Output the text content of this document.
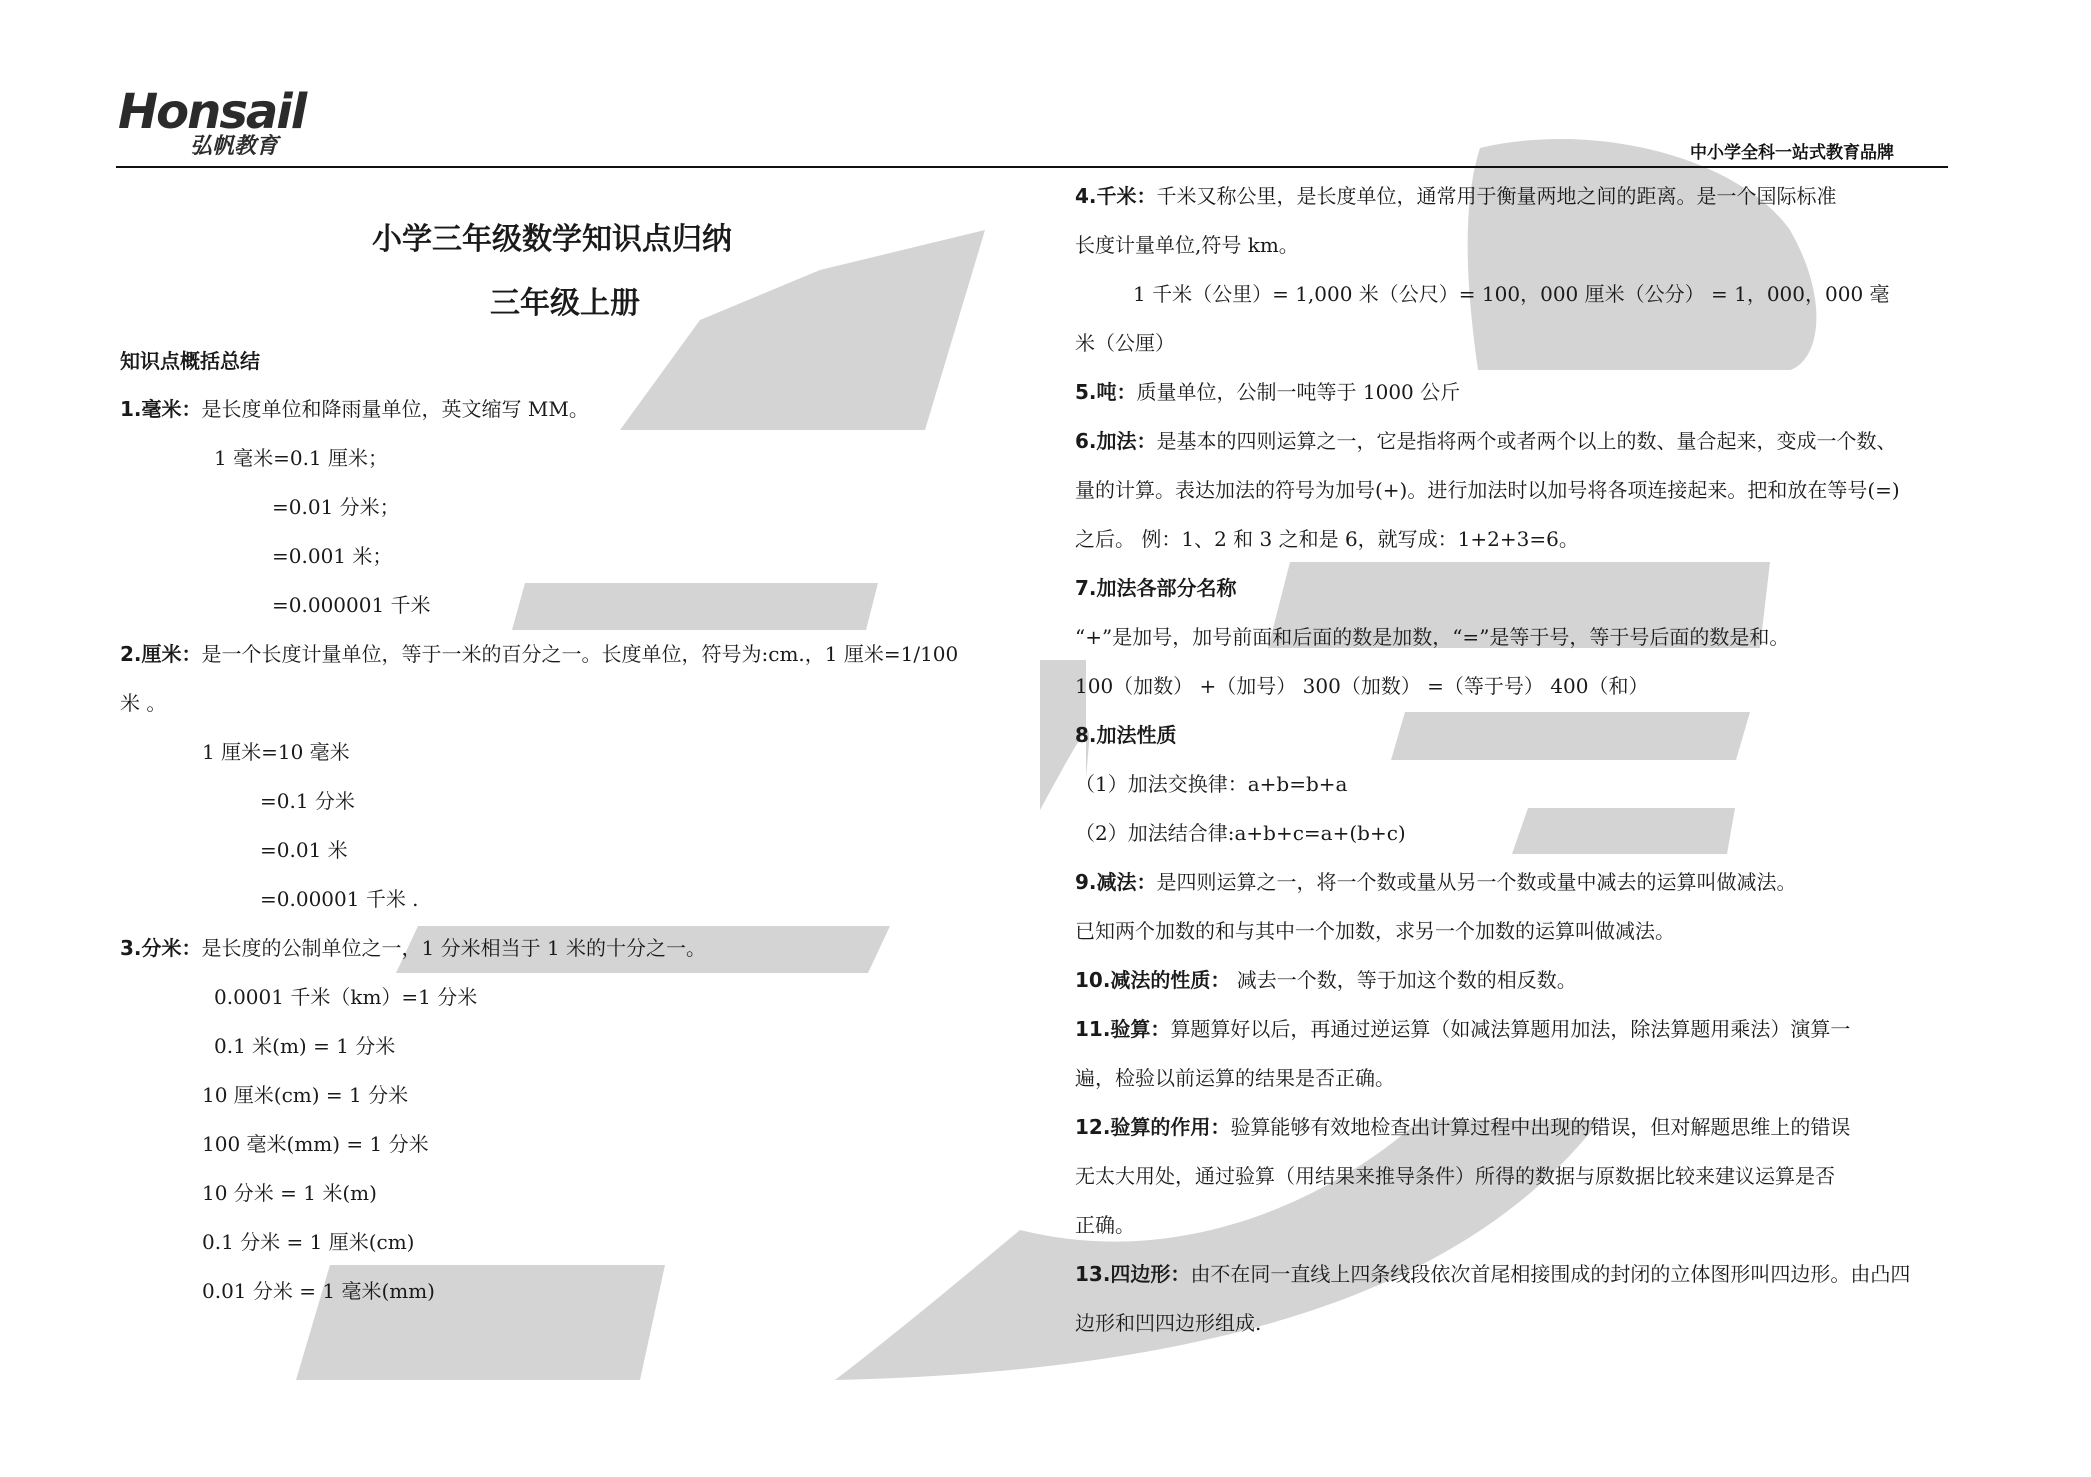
Honsail
弘帆教育	中小学全科一站式教育品牌
小学三年级数学知识点归纳
三年级上册
知识点概括总结
1.毫米：是长度单位和降雨量单位，英文缩写 MM。
1 毫米=0.1 厘米；
=0.01 分米；
=0.001 米；
=0.000001 千米
2.厘米：是一个长度计量单位，等于一米的百分之一。长度单位，符号为:cm.，1 厘米=1/100
米 。
1 厘米=10 毫米
=0.1 分米
=0.01 米
=0.00001 千米 .
3.分米：是长度的公制单位之一，1 分米相当于 1 米的十分之一。
0.0001 千米（km）=1 分米
0.1 米(m) = 1 分米
10 厘米(cm) = 1 分米
100 毫米(mm) = 1 分米
10 分米 = 1 米(m)
0.1 分米 = 1 厘米(cm)
0.01 分米 = 1 毫米(mm)
4.千米：千米又称公里，是长度单位，通常用于衡量两地之间的距离。是一个国际标准
长度计量单位,符号 km。
1 千米（公里）= 1,000 米（公尺）= 100，000 厘米（公分） = 1，000，000 毫
米（公厘）
5.吨：质量单位，公制一吨等于 1000 公斤
6.加法：是基本的四则运算之一，它是指将两个或者两个以上的数、量合起来，变成一个数、
量的计算。表达加法的符号为加号(+)。进行加法时以加号将各项连接起来。把和放在等号(=)
之后。 例：1、2 和 3 之和是 6，就写成：1+2+3=6。
7.加法各部分名称
“+”是加号，加号前面和后面的数是加数，“=”是等于号，等于号后面的数是和。
100（加数） +（加号） 300（加数） =（等于号） 400（和）
8.加法性质
（1）加法交换律：a+b=b+a
（2）加法结合律:a+b+c=a+(b+c)
9.减法：是四则运算之一，将一个数或量从另一个数或量中减去的运算叫做减法。
已知两个加数的和与其中一个加数，求另一个加数的运算叫做减法。
10.减法的性质： 减去一个数，等于加这个数的相反数。
11.验算：算题算好以后，再通过逆运算（如减法算题用加法，除法算题用乘法）演算一
遍，检验以前运算的结果是否正确。
12.验算的作用：验算能够有效地检查出计算过程中出现的错误，但对解题思维上的错误
无太大用处，通过验算（用结果来推导条件）所得的数据与原数据比较来建议运算是否
正确。
13.四边形：由不在同一直线上四条线段依次首尾相接围成的封闭的立体图形叫四边形。由凸四
边形和凹四边形组成.
